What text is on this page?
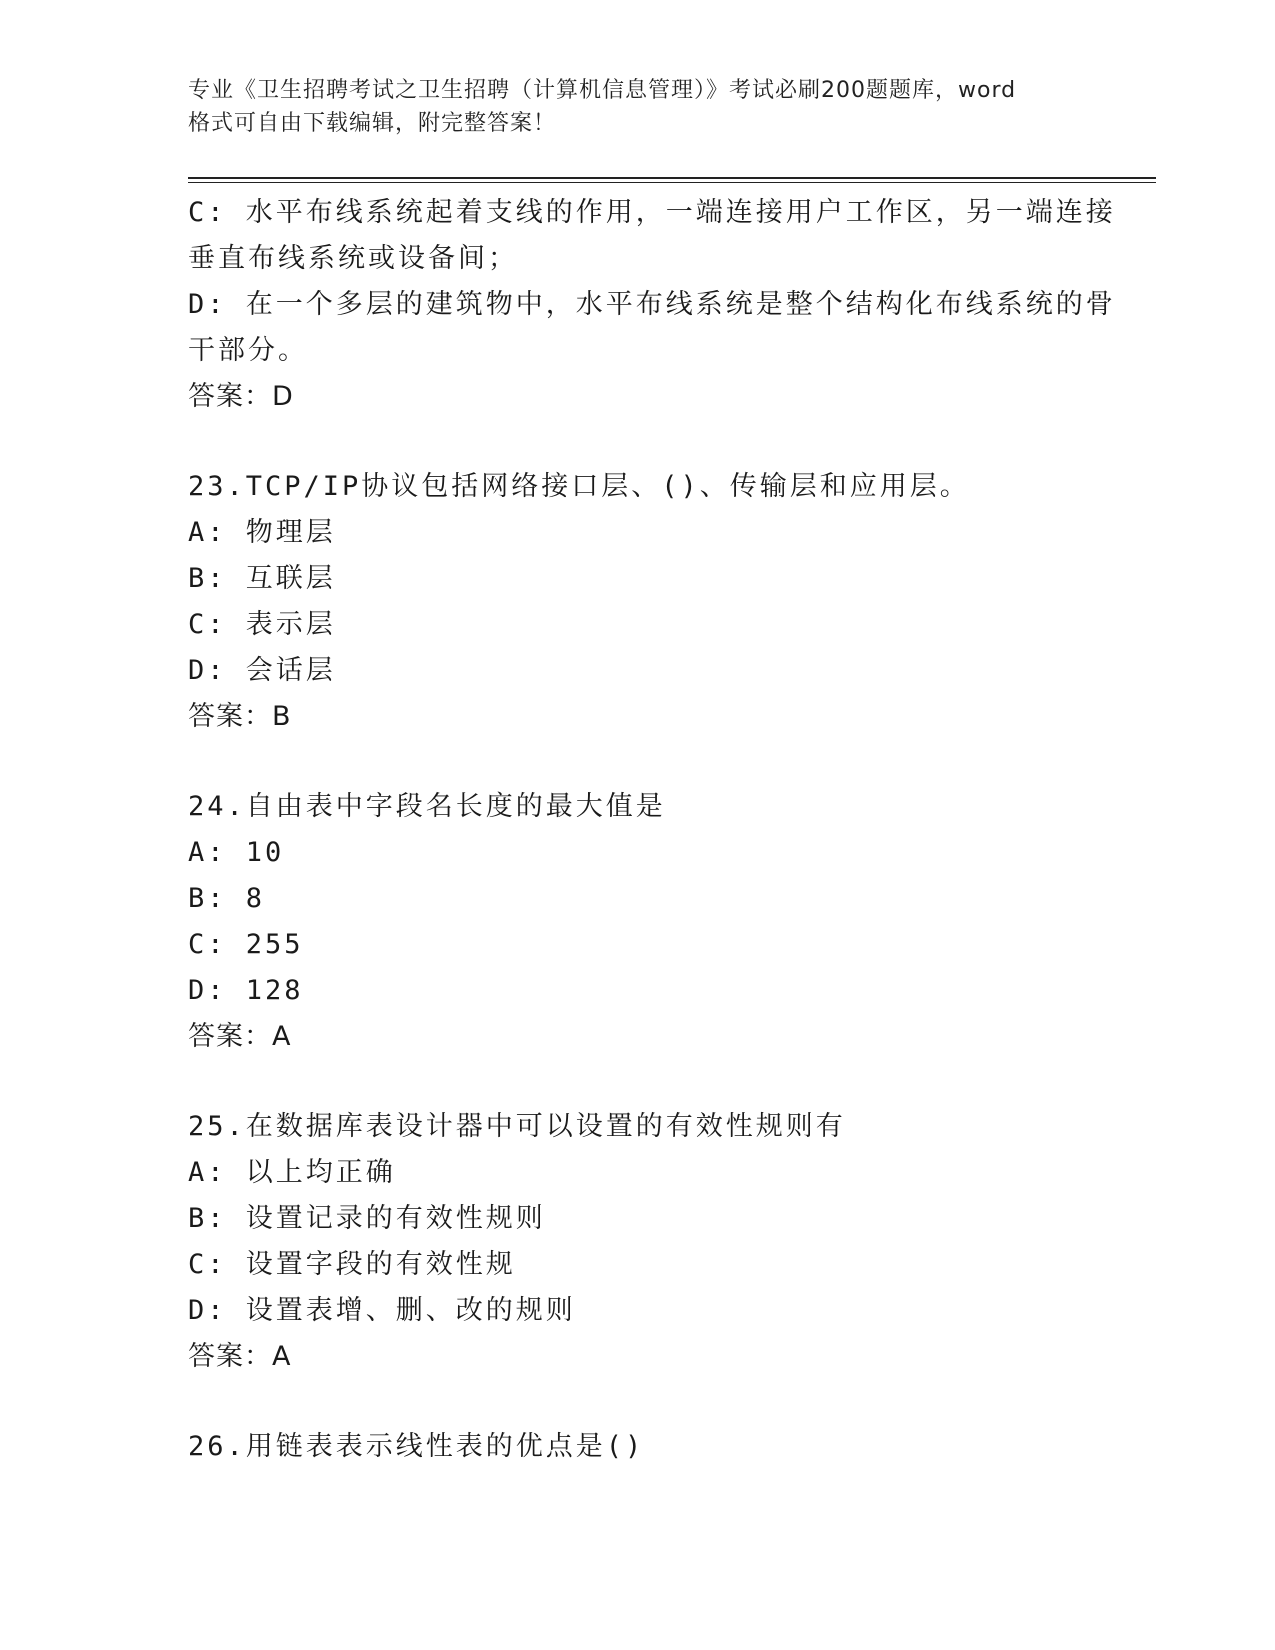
专业《卫生招聘考试之卫生招聘（计算机信息管理）》考试必刷200题题库，word
格式可自由下载编辑，附完整答案！
C: 水平布线系统起着支线的作用，一端连接用户工作区，另一端连接
垂直布线系统或设备间；
D: 在一个多层的建筑物中，水平布线系统是整个结构化布线系统的骨
干部分。
答案：D
23.TCP/IP协议包括网络接口层、()、传输层和应用层。
A: 物理层
B: 互联层
C: 表示层
D: 会话层
答案：B
24.自由表中字段名长度的最大值是
A: 10
B: 8
C: 255
D: 128
答案：A
25.在数据库表设计器中可以设置的有效性规则有
A: 以上均正确
B: 设置记录的有效性规则
C: 设置字段的有效性规
D: 设置表增、删、改的规则
答案：A
26.用链表表示线性表的优点是()
